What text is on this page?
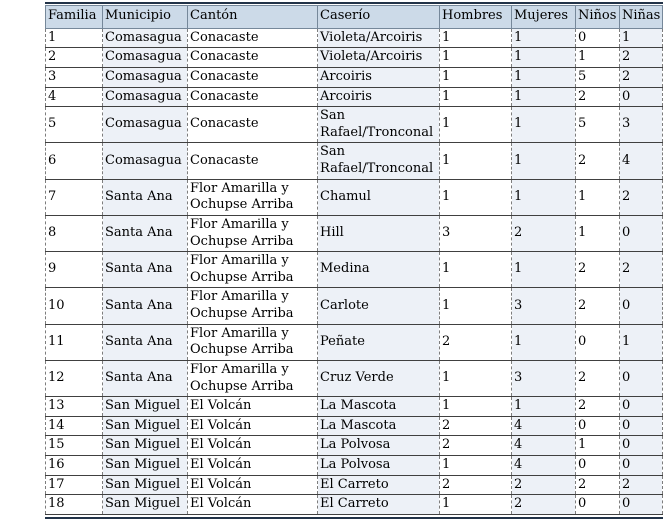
Familia	Municipio	Cantón	Caserío	Hombres	Mujeres	Niños	Niñas
1	Comasagua	Conacaste	Violeta/Arcoiris	1	1	0	1
2	Comasagua	Conacaste	Violeta/Arcoiris	1	1	1	2
3	Comasagua	Conacaste	Arcoiris	1	1	5	2
4	Comasagua	Conacaste	Arcoiris	1	1	2	0
5	Comasagua	Conacaste	San Rafael/Tronconal	1	1	5	3
6	Comasagua	Conacaste	San Rafael/Tronconal	1	1	2	4
7	Santa Ana	Flor Amarilla y Ochupse Arriba	Chamul	1	1	1	2
8	Santa Ana	Flor Amarilla y Ochupse Arriba	Hill	3	2	1	0
9	Santa Ana	Flor Amarilla y Ochupse Arriba	Medina	1	1	2	2
10	Santa Ana	Flor Amarilla y Ochupse Arriba	Carlote	1	3	2	0
11	Santa Ana	Flor Amarilla y Ochupse Arriba	Peñate	2	1	0	1
12	Santa Ana	Flor Amarilla y Ochupse Arriba	Cruz Verde	1	3	2	0
13	San Miguel	El Volcán	La Mascota	1	1	2	0
14	San Miguel	El Volcán	La Mascota	2	4	0	0
15	San Miguel	El Volcán	La Polvosa	2	4	1	0
16	San Miguel	El Volcán	La Polvosa	1	4	0	0
17	San Miguel	El Volcán	El Carreto	2	2	2	2
18	San Miguel	El Volcán	El Carreto	1	2	0	0
